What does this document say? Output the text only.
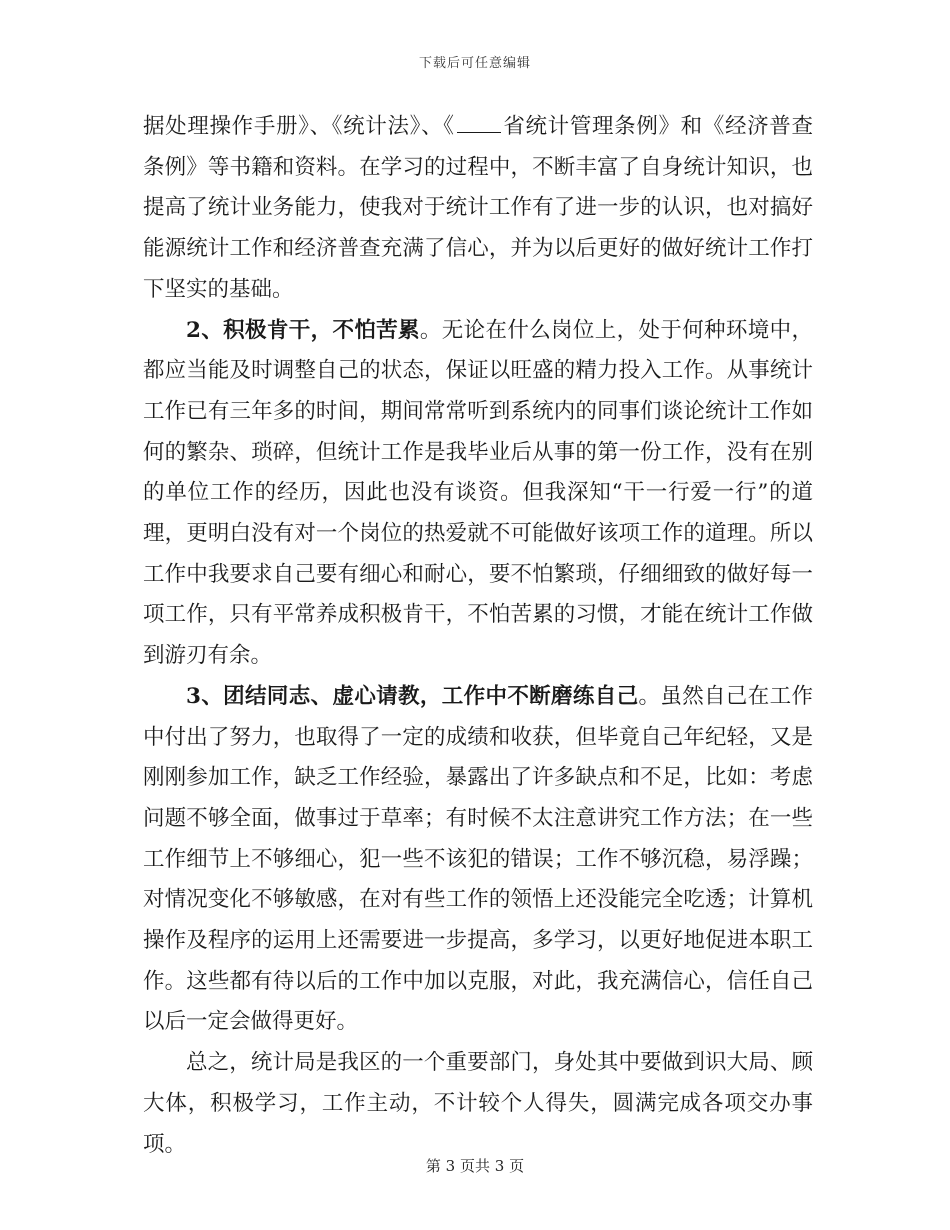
下载后可任意编辑

据处理操作手册》、《统计法》、《 省统计管理条例》和《经济普查条例》等书籍和资料。在学习的过程中，不断丰富了自身统计知识，也提高了统计业务能力，使我对于统计工作有了进一步的认识，也对搞好能源统计工作和经济普查充满了信心，并为以后更好的做好统计工作打下坚实的基础。

2、积极肯干，不怕苦累。无论在什么岗位上，处于何种环境中，都应当能及时调整自己的状态，保证以旺盛的精力投入工作。从事统计工作已有三年多的时间，期间常常听到系统内的同事们谈论统计工作如何的繁杂、琐碎，但统计工作是我毕业后从事的第一份工作，没有在别的单位工作的经历，因此也没有谈资。但我深知“干一行爱一行”的道理，更明白没有对一个岗位的热爱就不可能做好该项工作的道理。所以工作中我要求自己要有细心和耐心，要不怕繁琐，仔细细致的做好每一项工作，只有平常养成积极肯干，不怕苦累的习惯，才能在统计工作做到游刃有余。

3、团结同志、虚心请教，工作中不断磨练自己。虽然自己在工作中付出了努力，也取得了一定的成绩和收获，但毕竟自己年纪轻，又是刚刚参加工作，缺乏工作经验，暴露出了许多缺点和不足，比如：考虑问题不够全面，做事过于草率；有时候不太注意讲究工作方法；在一些工作细节上不够细心，犯一些不该犯的错误；工作不够沉稳，易浮躁；对情况变化不够敏感，在对有些工作的领悟上还没能完全吃透；计算机操作及程序的运用上还需要进一步提高，多学习，以更好地促进本职工作。这些都有待以后的工作中加以克服，对此，我充满信心，信任自己以后一定会做得更好。

总之，统计局是我区的一个重要部门，身处其中要做到识大局、顾大体，积极学习，工作主动，不计较个人得失，圆满完成各项交办事项。

第 3 页共 3 页
